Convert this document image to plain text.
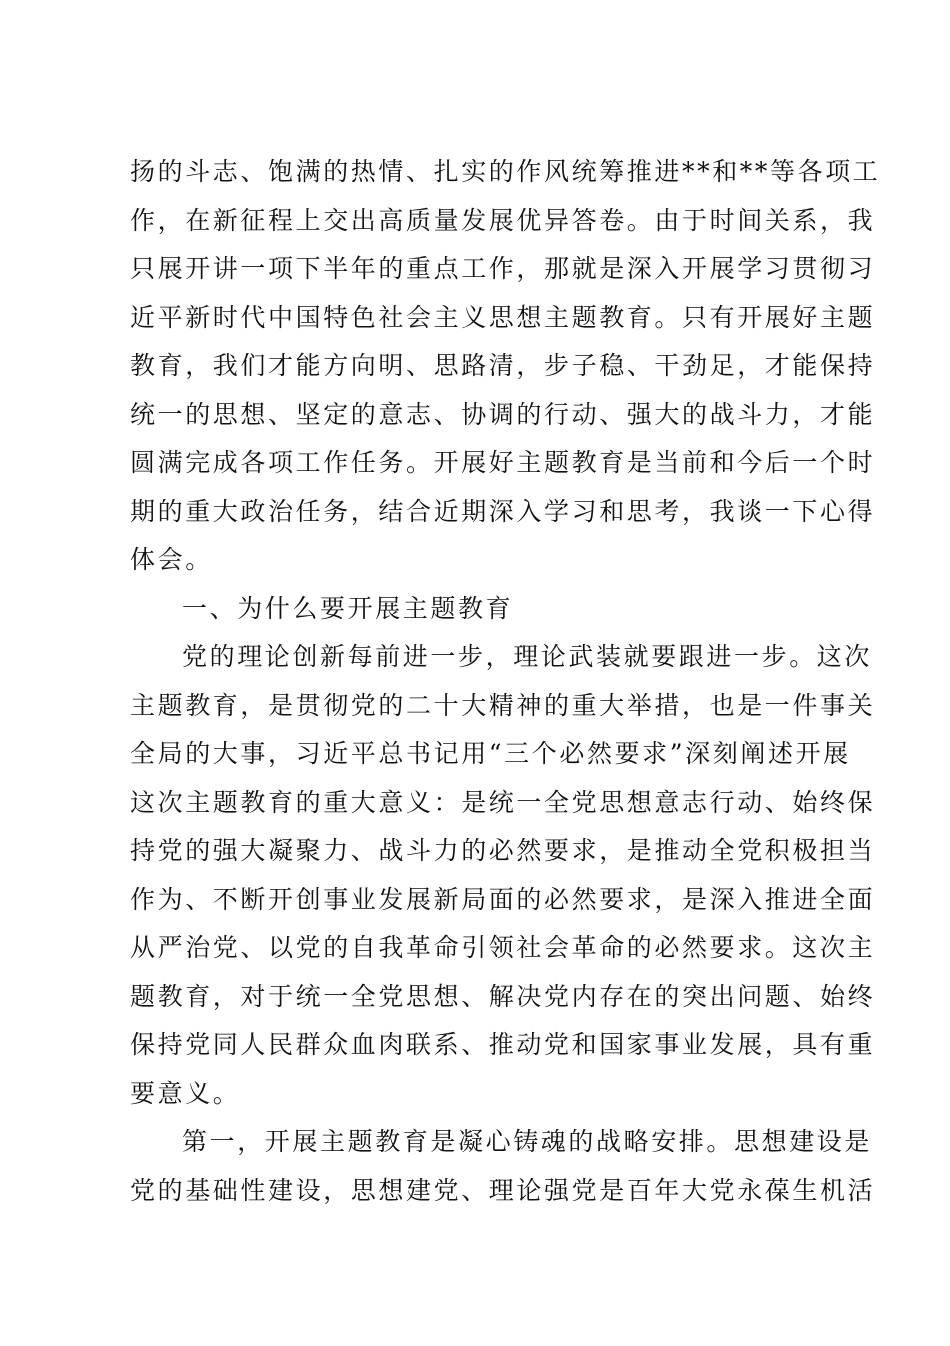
扬的斗志、饱满的热情、扎实的作风统筹推进**和**等各项工
作，在新征程上交出高质量发展优异答卷。由于时间关系，我
只展开讲一项下半年的重点工作，那就是深入开展学习贯彻习
近平新时代中国特色社会主义思想主题教育。只有开展好主题
教育，我们才能方向明、思路清，步子稳、干劲足，才能保持
统一的思想、坚定的意志、协调的行动、强大的战斗力，才能
圆满完成各项工作任务。开展好主题教育是当前和今后一个时
期的重大政治任务，结合近期深入学习和思考，我谈一下心得
体会。
一、为什么要开展主题教育
党的理论创新每前进一步，理论武装就要跟进一步。这次
主题教育，是贯彻党的二十大精神的重大举措，也是一件事关
全局的大事，习近平总书记用“三个必然要求”深刻阐述开展
这次主题教育的重大意义：是统一全党思想意志行动、始终保
持党的强大凝聚力、战斗力的必然要求，是推动全党积极担当
作为、不断开创事业发展新局面的必然要求，是深入推进全面
从严治党、以党的自我革命引领社会革命的必然要求。这次主
题教育，对于统一全党思想、解决党内存在的突出问题、始终
保持党同人民群众血肉联系、推动党和国家事业发展，具有重
要意义。
第一，开展主题教育是凝心铸魂的战略安排。思想建设是
党的基础性建设，思想建党、理论强党是百年大党永葆生机活
